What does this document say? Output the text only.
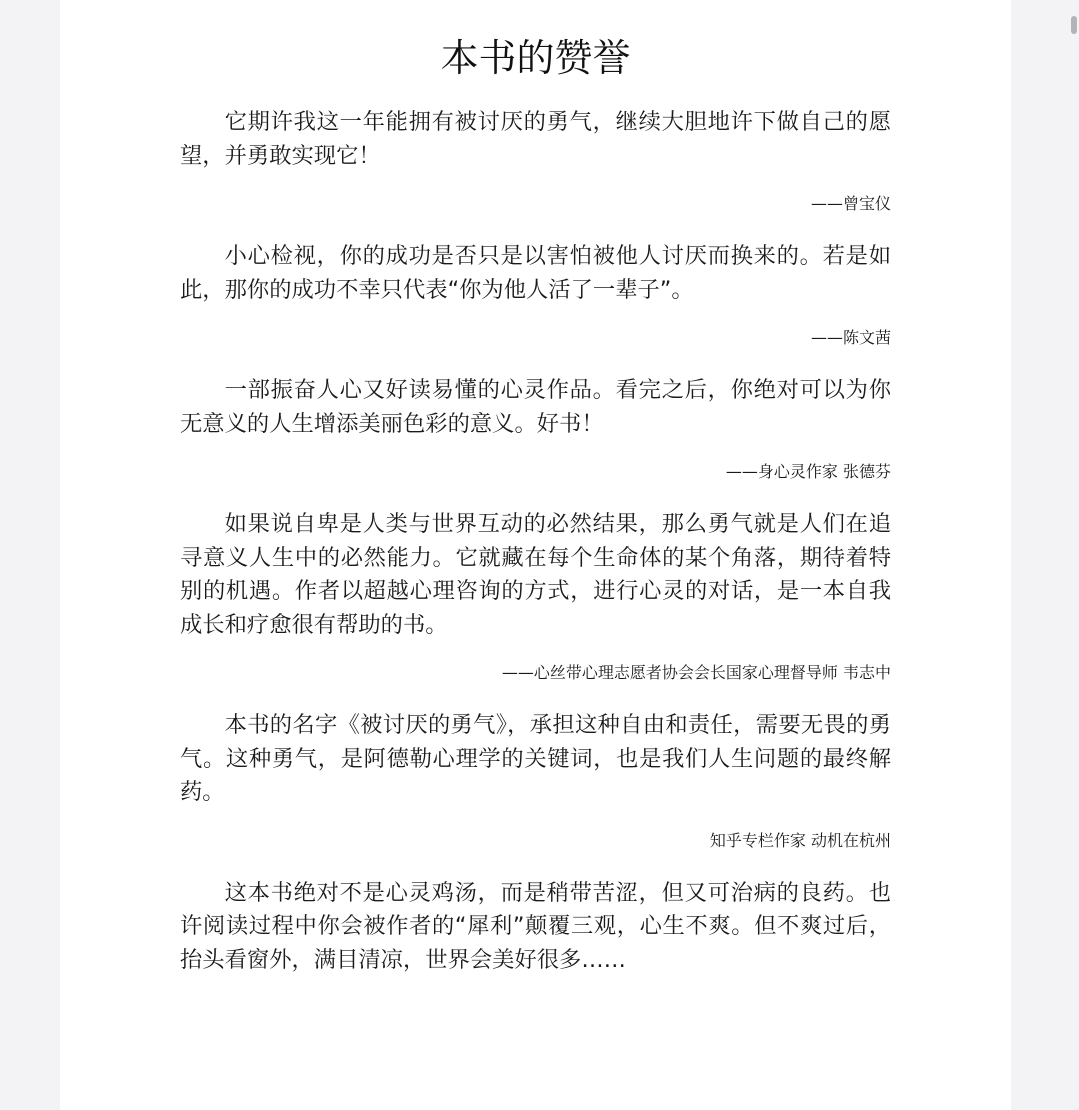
本书的赞誉

它期许我这一年能拥有被讨厌的勇气，继续大胆地许下做自己的愿望，并勇敢实现它！

——曾宝仪

小心检视，你的成功是否只是以害怕被他人讨厌而换来的。若是如此，那你的成功不幸只代表“你为他人活了一辈子”。

——陈文茜

一部振奋人心又好读易懂的心灵作品。看完之后，你绝对可以为你无意义的人生增添美丽色彩的意义。好书！

——身心灵作家 张德芬

如果说自卑是人类与世界互动的必然结果，那么勇气就是人们在追寻意义人生中的必然能力。它就藏在每个生命体的某个角落，期待着特别的机遇。作者以超越心理咨询的方式，进行心灵的对话，是一本自我成长和疗愈很有帮助的书。

——心丝带心理志愿者协会会长国家心理督导师 韦志中

本书的名字《被讨厌的勇气》，承担这种自由和责任，需要无畏的勇气。这种勇气，是阿德勒心理学的关键词，也是我们人生问题的最终解药。

知乎专栏作家 动机在杭州

这本书绝对不是心灵鸡汤，而是稍带苦涩，但又可治病的良药。也许阅读过程中你会被作者的“犀利”颠覆三观，心生不爽。但不爽过后，抬头看窗外，满目清凉，世界会美好很多……
